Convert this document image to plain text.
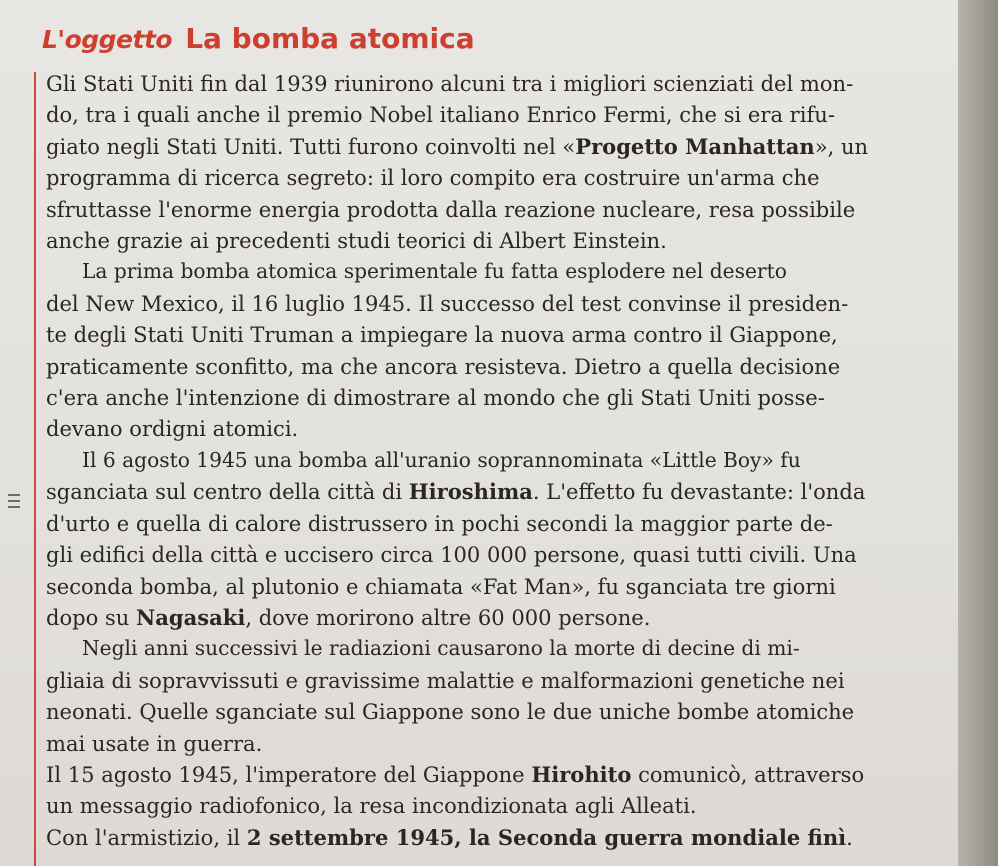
L'oggetto La bomba atomica
Gli Stati Uniti fin dal 1939 riunirono alcuni tra i migliori scienziati del mon-
do, tra i quali anche il premio Nobel italiano Enrico Fermi, che si era rifu-
giato negli Stati Uniti. Tutti furono coinvolti nel «Progetto Manhattan», un
programma di ricerca segreto: il loro compito era costruire un'arma che
sfruttasse l'enorme energia prodotta dalla reazione nucleare, resa possibile
anche grazie ai precedenti studi teorici di Albert Einstein.
La prima bomba atomica sperimentale fu fatta esplodere nel deserto
del New Mexico, il 16 luglio 1945. Il successo del test convinse il presiden-
te degli Stati Uniti Truman a impiegare la nuova arma contro il Giappone,
praticamente sconfitto, ma che ancora resisteva. Dietro a quella decisione
c'era anche l'intenzione di dimostrare al mondo che gli Stati Uniti posse-
devano ordigni atomici.
Il 6 agosto 1945 una bomba all'uranio soprannominata «Little Boy» fu
sganciata sul centro della città di Hiroshima. L'effetto fu devastante: l'onda
d'urto e quella di calore distrussero in pochi secondi la maggior parte de-
gli edifici della città e uccisero circa 100 000 persone, quasi tutti civili. Una
seconda bomba, al plutonio e chiamata «Fat Man», fu sganciata tre giorni
dopo su Nagasaki, dove morirono altre 60 000 persone.
Negli anni successivi le radiazioni causarono la morte di decine di mi-
gliaia di sopravvissuti e gravissime malattie e malformazioni genetiche nei
neonati. Quelle sganciate sul Giappone sono le due uniche bombe atomiche
mai usate in guerra.
Il 15 agosto 1945, l'imperatore del Giappone Hirohito comunicò, attraverso
un messaggio radiofonico, la resa incondizionata agli Alleati.
Con l'armistizio, il 2 settembre 1945, la Seconda guerra mondiale finì.
